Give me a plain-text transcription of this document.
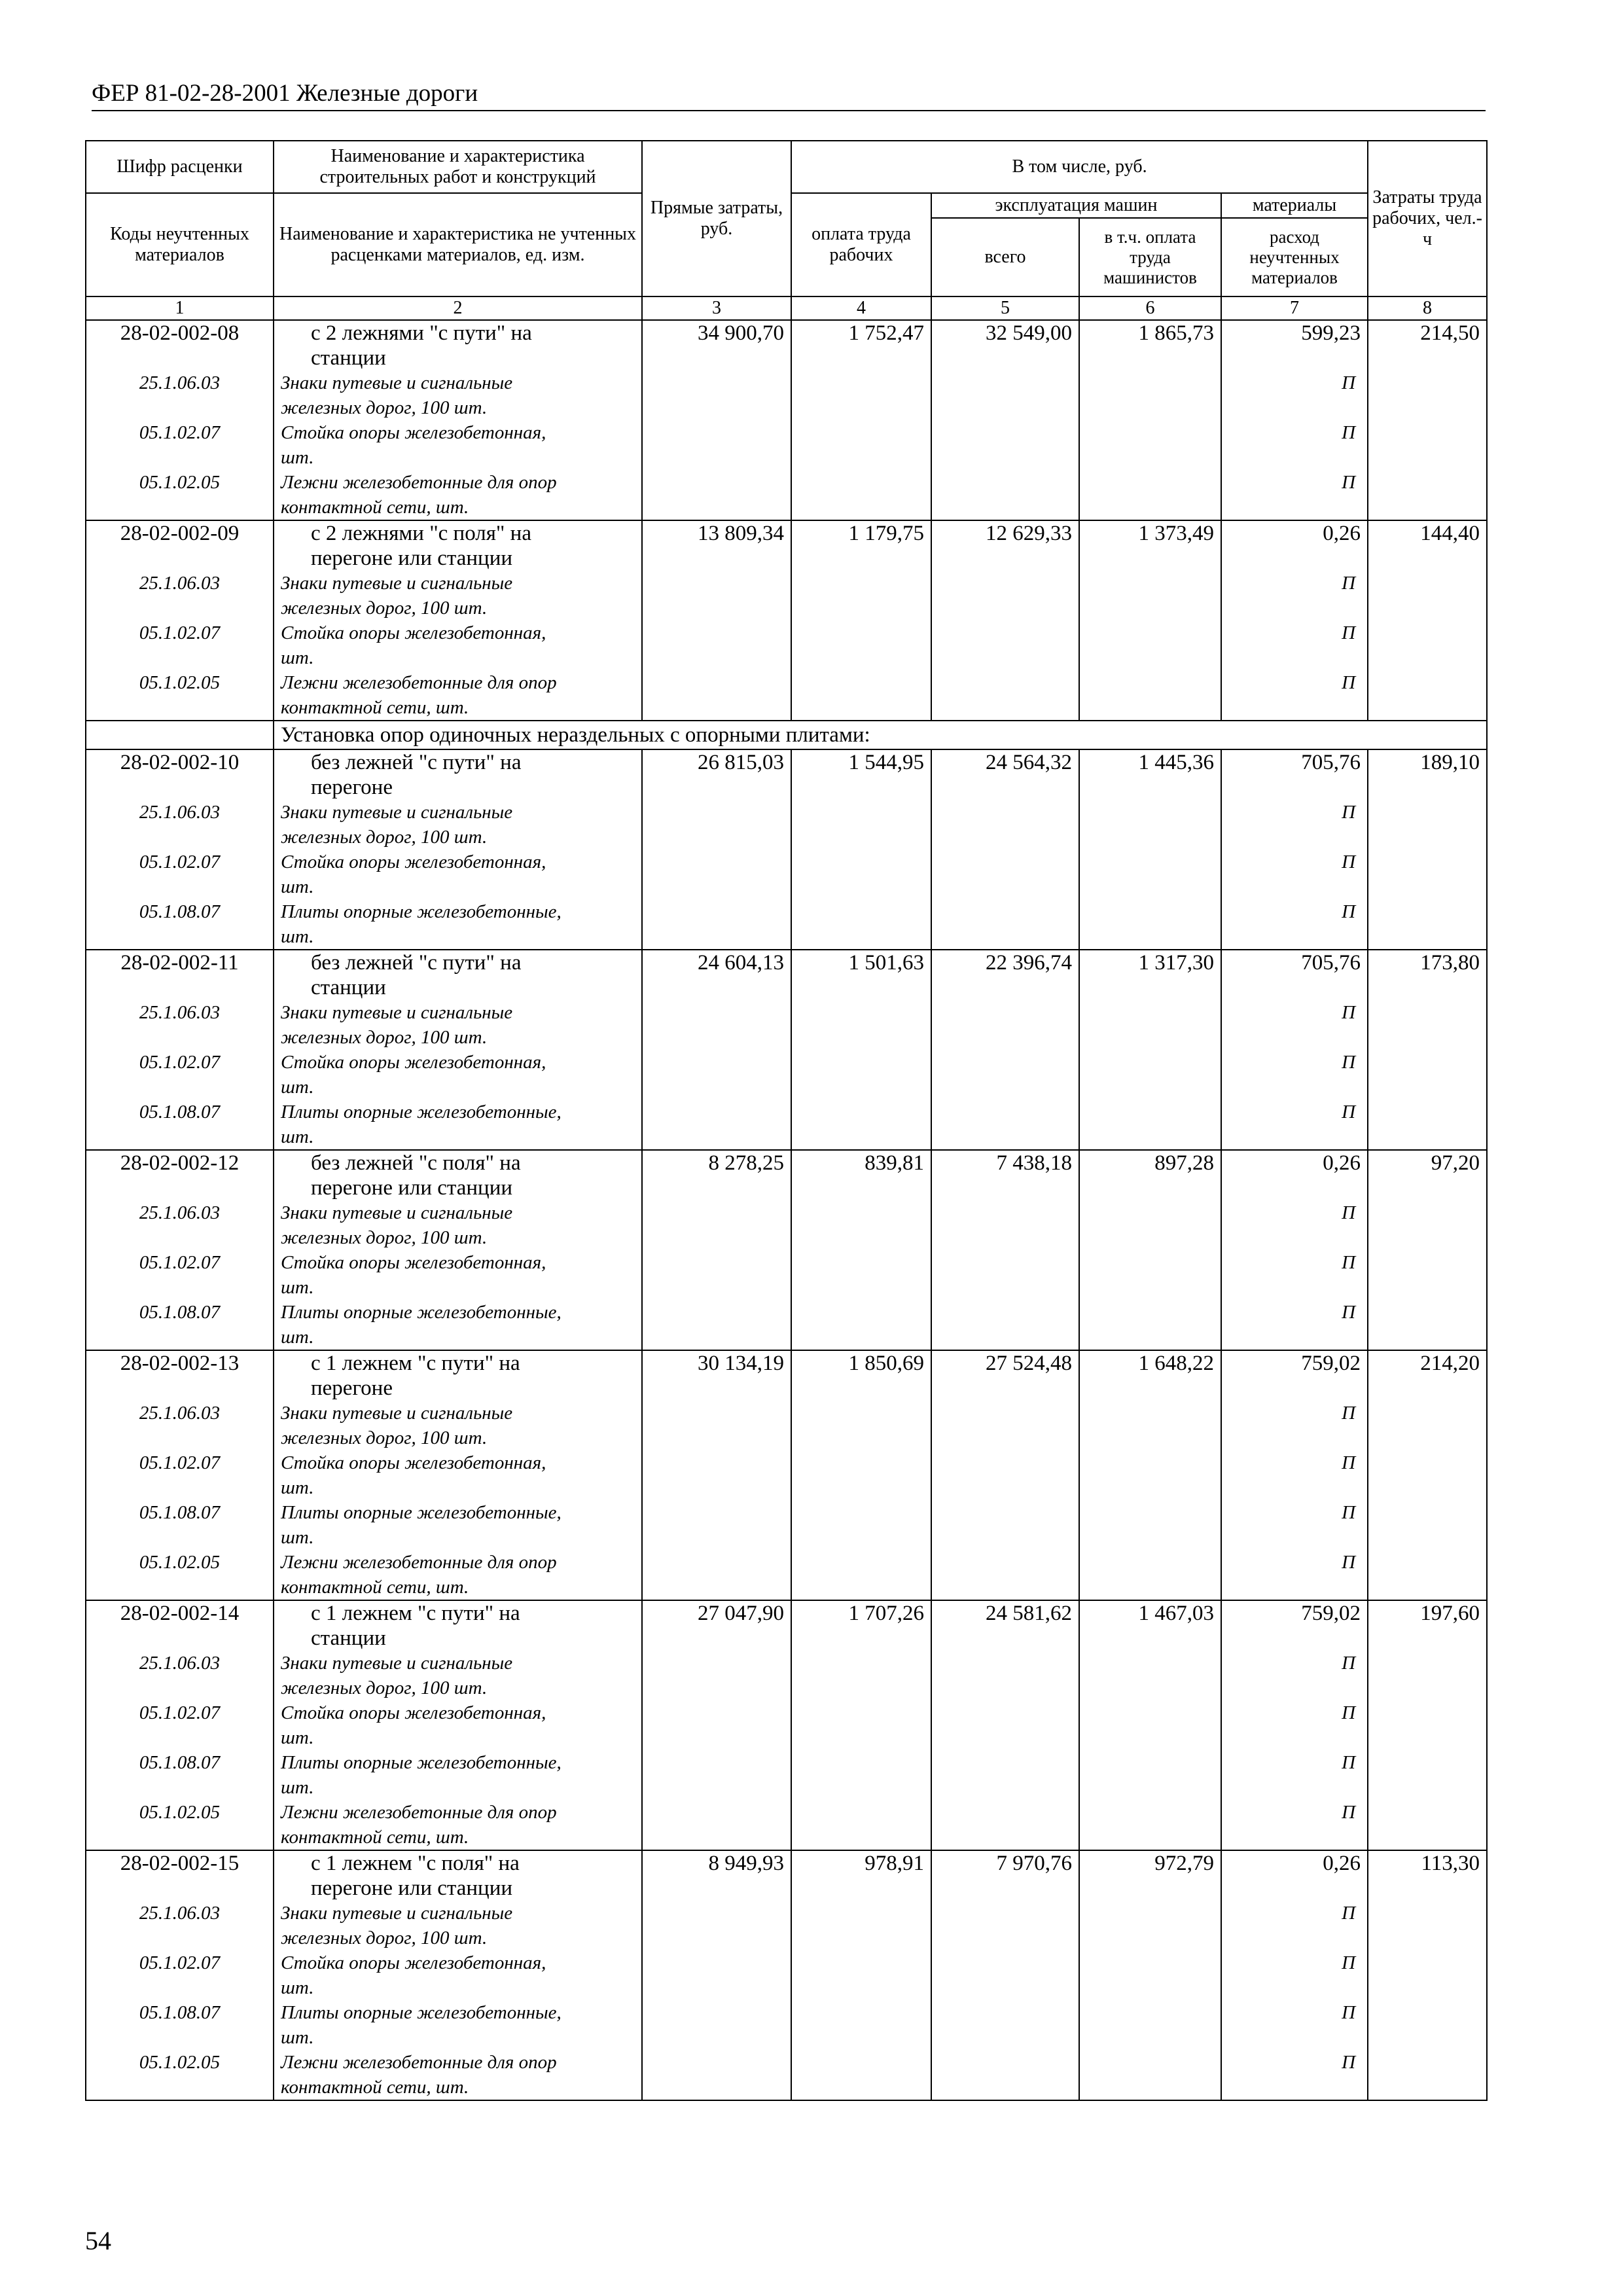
ФЕР 81-02-28-2001 Железные дороги
Шифр расценки	Наименование и характеристика строительных работ и конструкций	Прямые затраты, руб.	В том числе, руб.				Затраты труда рабочих, чел.-ч
Коды неучтенных материалов	Наименование и характеристика не учтенных расценками материалов, ед. изм.		оплата труда рабочих	эксплуатация машин		материалы	
				всего	в т.ч. оплата труда машинистов	расход неучтенных материалов	
1	2	3	4	5	6	7	8
28-02-002-08	с 2 лежнями "с пути" на
станции	34 900,70	1 752,47	32 549,00	1 865,73	599,23	214,50
25.1.06.03	Знаки путевые и сигнальные
железных дорог, 100 шт.					П	
05.1.02.07	Стойка опоры железобетонная,
шт.					П	
05.1.02.05	Лежни железобетонные для опор
контактной сети, шт.					П	
28-02-002-09	с 2 лежнями "с поля" на
перегоне или станции	13 809,34	1 179,75	12 629,33	1 373,49	0,26	144,40
25.1.06.03	Знаки путевые и сигнальные
железных дорог, 100 шт.					П	
05.1.02.07	Стойка опоры железобетонная,
шт.					П	
05.1.02.05	Лежни железобетонные для опор
контактной сети, шт.					П	
	Установка опор одиночных нераздельных с опорными плитами:						
28-02-002-10	без лежней "с пути" на
перегоне	26 815,03	1 544,95	24 564,32	1 445,36	705,76	189,10
25.1.06.03	Знаки путевые и сигнальные
железных дорог, 100 шт.					П	
05.1.02.07	Стойка опоры железобетонная,
шт.					П	
05.1.08.07	Плиты опорные железобетонные,
шт.					П	
28-02-002-11	без лежней "с пути" на
станции	24 604,13	1 501,63	22 396,74	1 317,30	705,76	173,80
25.1.06.03	Знаки путевые и сигнальные
железных дорог, 100 шт.					П	
05.1.02.07	Стойка опоры железобетонная,
шт.					П	
05.1.08.07	Плиты опорные железобетонные,
шт.					П	
28-02-002-12	без лежней "с поля" на
перегоне или станции	8 278,25	839,81	7 438,18	897,28	0,26	97,20
25.1.06.03	Знаки путевые и сигнальные
железных дорог, 100 шт.					П	
05.1.02.07	Стойка опоры железобетонная,
шт.					П	
05.1.08.07	Плиты опорные железобетонные,
шт.					П	
28-02-002-13	с 1 лежнем "с пути" на
перегоне	30 134,19	1 850,69	27 524,48	1 648,22	759,02	214,20
25.1.06.03	Знаки путевые и сигнальные
железных дорог, 100 шт.					П	
05.1.02.07	Стойка опоры железобетонная,
шт.					П	
05.1.08.07	Плиты опорные железобетонные,
шт.					П	
05.1.02.05	Лежни железобетонные для опор
контактной сети, шт.					П	
28-02-002-14	с 1 лежнем "с пути" на
станции	27 047,90	1 707,26	24 581,62	1 467,03	759,02	197,60
25.1.06.03	Знаки путевые и сигнальные
железных дорог, 100 шт.					П	
05.1.02.07	Стойка опоры железобетонная,
шт.					П	
05.1.08.07	Плиты опорные железобетонные,
шт.					П	
05.1.02.05	Лежни железобетонные для опор
контактной сети, шт.					П	
28-02-002-15	с 1 лежнем "с поля" на
перегоне или станции	8 949,93	978,91	7 970,76	972,79	0,26	113,30
25.1.06.03	Знаки путевые и сигнальные
железных дорог, 100 шт.					П	
05.1.02.07	Стойка опоры железобетонная,
шт.					П	
05.1.08.07	Плиты опорные железобетонные,
шт.					П	
05.1.02.05	Лежни железобетонные для опор
контактной сети, шт.					П	
54
